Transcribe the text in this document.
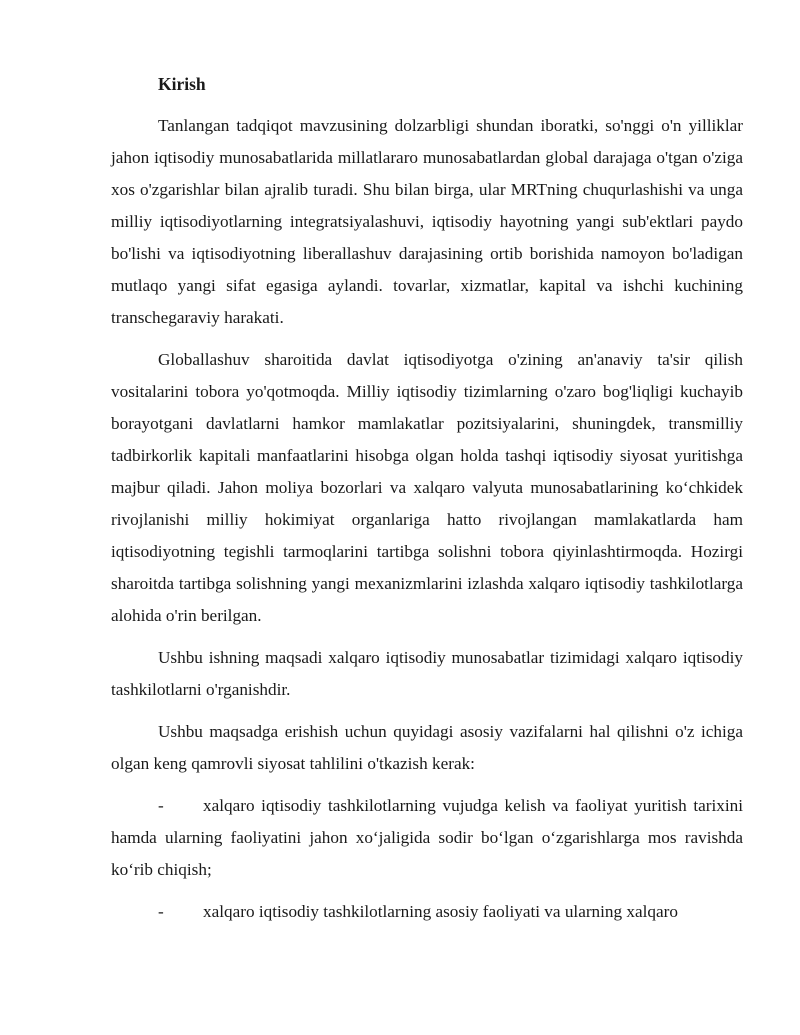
Kirish

Tanlangan tadqiqot mavzusining dolzarbligi shundan iboratki, so'nggi o'n yilliklar jahon iqtisodiy munosabatlarida millatlararo munosabatlardan global darajaga o'tgan o'ziga xos o'zgarishlar bilan ajralib turadi. Shu bilan birga, ular MRTning chuqurlashishi va unga milliy iqtisodiyotlarning integratsiyalashuvi, iqtisodiy hayotning yangi sub'ektlari paydo bo'lishi va iqtisodiyotning liberallashuv darajasining ortib borishida namoyon bo'ladigan mutlaqo yangi sifat egasiga aylandi. tovarlar, xizmatlar, kapital va ishchi kuchining transchegaraviy harakati.

Globallashuv sharoitida davlat iqtisodiyotga o'zining an'anaviy ta'sir qilish vositalarini tobora yo'qotmoqda. Milliy iqtisodiy tizimlarning o'zaro bog'liqligi kuchayib borayotgani davlatlarni hamkor mamlakatlar pozitsiyalarini, shuningdek, transmilliy tadbirkorlik kapitali manfaatlarini hisobga olgan holda tashqi iqtisodiy siyosat yuritishga majbur qiladi. Jahon moliya bozorlari va xalqaro valyuta munosabatlarining ko‘chkidek rivojlanishi milliy hokimiyat organlariga hatto rivojlangan mamlakatlarda ham iqtisodiyotning tegishli tarmoqlarini tartibga solishni tobora qiyinlashtirmoqda. Hozirgi sharoitda tartibga solishning yangi mexanizmlarini izlashda xalqaro iqtisodiy tashkilotlarga alohida o'rin berilgan.

Ushbu ishning maqsadi xalqaro iqtisodiy munosabatlar tizimidagi xalqaro iqtisodiy tashkilotlarni o'rganishdir.

Ushbu maqsadga erishish uchun quyidagi asosiy vazifalarni hal qilishni o'z ichiga olgan keng qamrovli siyosat tahlilini o'tkazish kerak:

- xalqaro iqtisodiy tashkilotlarning vujudga kelish va faoliyat yuritish tarixini hamda ularning faoliyatini jahon xo‘jaligida sodir bo‘lgan o‘zgarishlarga mos ravishda ko‘rib chiqish;

- xalqaro iqtisodiy tashkilotlarning asosiy faoliyati va ularning xalqaro
